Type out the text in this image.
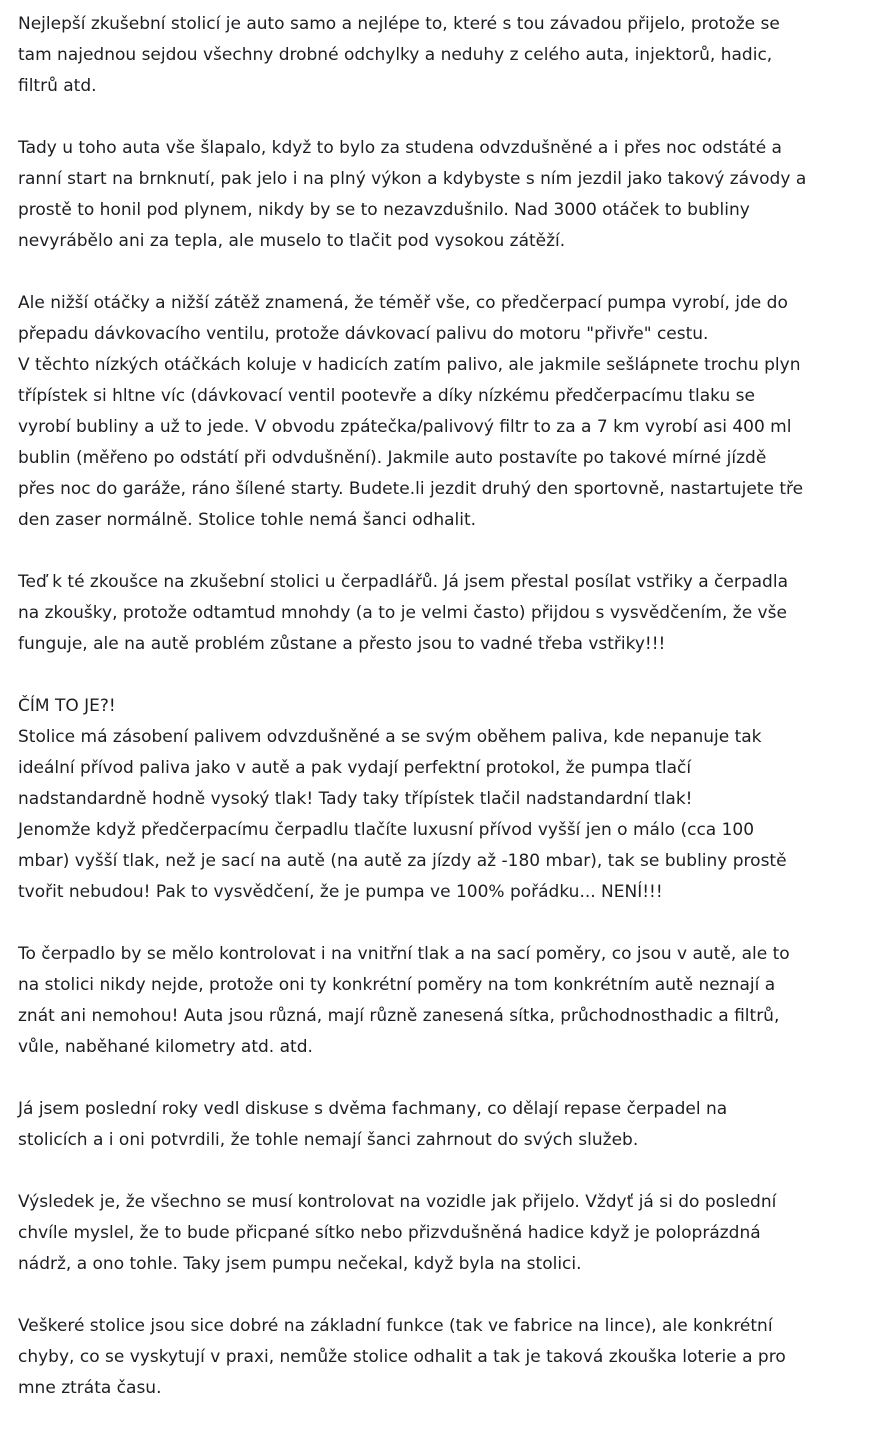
Nejlepší zkušební stolicí je auto samo a nejlépe to, které s tou závadou přijelo, protože se
tam najednou sejdou všechny drobné odchylky a neduhy z celého auta, injektorů, hadic,
filtrů atd.
Tady u toho auta vše šlapalo, když to bylo za studena odvzdušněné a i přes noc odstáté a
ranní start na brnknutí, pak jelo i na plný výkon a kdybyste s ním jezdil jako takový závody a
prostě to honil pod plynem, nikdy by se to nezavzdušnilo. Nad 3000 otáček to bubliny
nevyrábělo ani za tepla, ale muselo to tlačit pod vysokou zátěží.
Ale nižší otáčky a nižší zátěž znamená, že téměř vše, co předčerpací pumpa vyrobí, jde do
přepadu dávkovacího ventilu, protože dávkovací palivu do motoru "přivře" cestu.
V těchto nízkých otáčkách koluje v hadicích zatím palivo, ale jakmile sešlápnete trochu plyn
třípístek si hltne víc (dávkovací ventil pootevře a díky nízkému předčerpacímu tlaku se
vyrobí bubliny a už to jede. V obvodu zpátečka/palivový filtr to za a 7 km vyrobí asi 400 ml
bublin (měřeno po odstátí při odvdušnění). Jakmile auto postavíte po takové mírné jízdě
přes noc do garáže, ráno šílené starty. Budete.li jezdit druhý den sportovně, nastartujete tře
den zaser normálně. Stolice tohle nemá šanci odhalit.
Teď k té zkoušce na zkušební stolici u čerpadlářů. Já jsem přestal posílat vstřiky a čerpadla
na zkoušky, protože odtamtud mnohdy (a to je velmi často) přijdou s vysvědčením, že vše
funguje, ale na autě problém zůstane a přesto jsou to vadné třeba vstřiky!!!
ČÍM TO JE?!
Stolice má zásobení palivem odvzdušněné a se svým oběhem paliva, kde nepanuje tak
ideální přívod paliva jako v autě a pak vydají perfektní protokol, že pumpa tlačí
nadstandardně hodně vysoký tlak! Tady taky třípístek tlačil nadstandardní tlak!
Jenomže když předčerpacímu čerpadlu tlačíte luxusní přívod vyšší jen o málo (cca 100
mbar) vyšší tlak, než je sací na autě (na autě za jízdy až -180 mbar), tak se bubliny prostě
tvořit nebudou! Pak to vysvědčení, že je pumpa ve 100% pořádku... NENÍ!!!
To čerpadlo by se mělo kontrolovat i na vnitřní tlak a na sací poměry, co jsou v autě, ale to
na stolici nikdy nejde, protože oni ty konkrétní poměry na tom konkrétním autě neznají a
znát ani nemohou! Auta jsou různá, mají různě zanesená sítka, průchodnosthadic a filtrů,
vůle, naběhané kilometry atd. atd.
Já jsem poslední roky vedl diskuse s dvěma fachmany, co dělají repase čerpadel na
stolicích a i oni potvrdili, že tohle nemají šanci zahrnout do svých služeb.
Výsledek je, že všechno se musí kontrolovat na vozidle jak přijelo. Vždyť já si do poslední
chvíle myslel, že to bude přicpané sítko nebo přizvdušněná hadice když je poloprázdná
nádrž, a ono tohle. Taky jsem pumpu nečekal, když byla na stolici.
Veškeré stolice jsou sice dobré na základní funkce (tak ve fabrice na lince), ale konkrétní
chyby, co se vyskytují v praxi, nemůže stolice odhalit a tak je taková zkouška loterie a pro
mne ztráta času.
